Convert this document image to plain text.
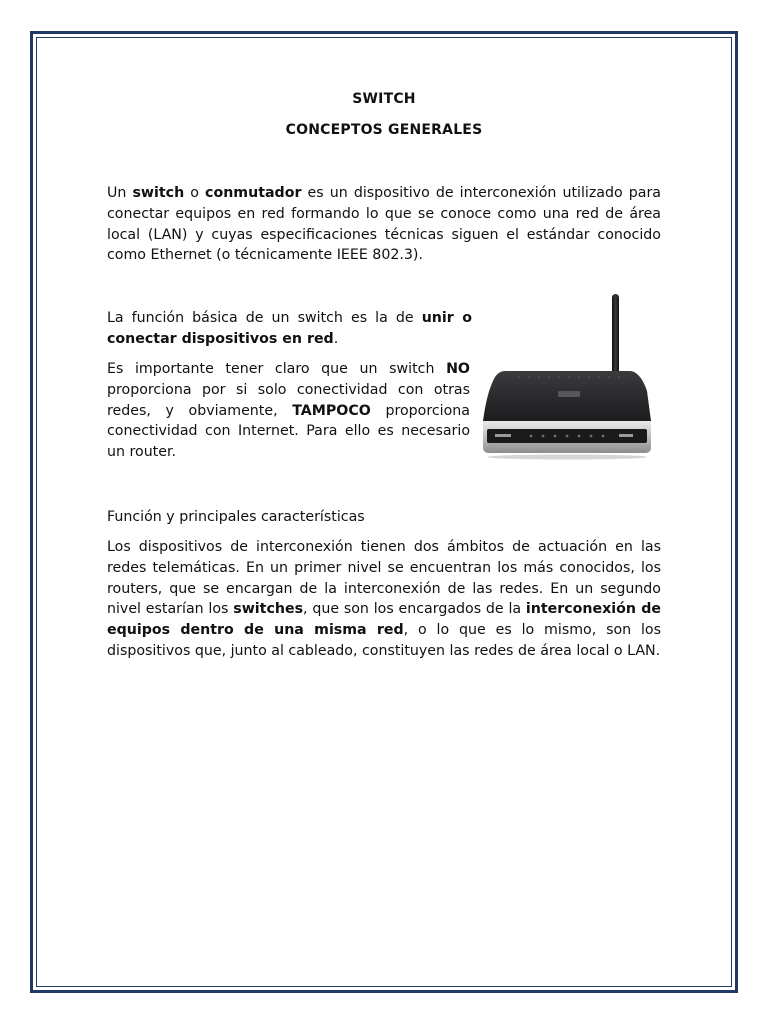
SWITCH
CONCEPTOS GENERALES

Un switch o conmutador es un dispositivo de interconexión utilizado para conectar equipos en red formando lo que se conoce como una red de área local (LAN) y cuyas especificaciones técnicas siguen el estándar conocido como Ethernet (o técnicamente IEEE 802.3).

La función básica de un switch es la de unir o conectar dispositivos en red.

Es importante tener claro que un switch NO proporciona por si solo conectividad con otras redes, y obviamente, TAMPOCO proporciona conectividad con Internet. Para ello es necesario un router.

Función y principales características

Los dispositivos de interconexión tienen dos ámbitos de actuación en las redes telemáticas. En un primer nivel se encuentran los más conocidos, los routers, que se encargan de la interconexión de las redes. En un segundo nivel estarían los switches, que son los encargados de la interconexión de equipos dentro de una misma red, o lo que es lo mismo, son los dispositivos que, junto al cableado, constituyen las redes de área local o LAN.
